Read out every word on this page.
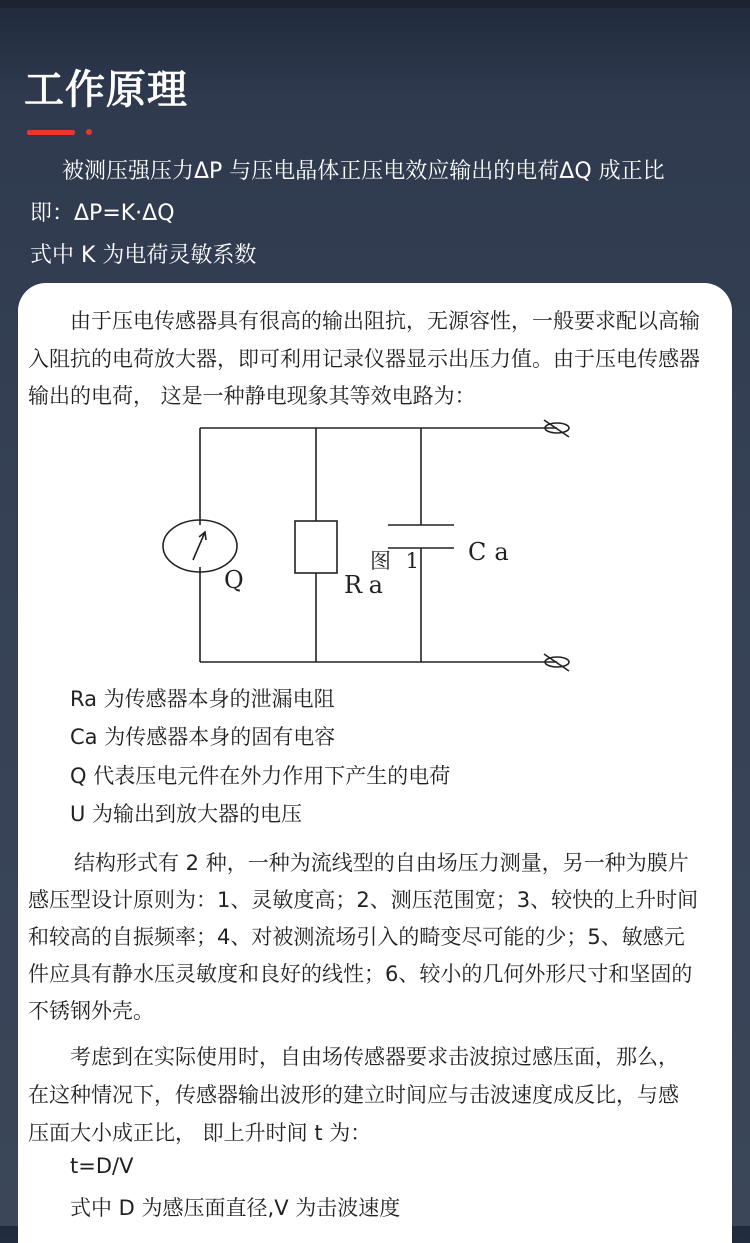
工作原理
被测压强压力ΔP 与压电晶体正压电效应输出的电荷ΔQ 成正比
即：ΔP=K·ΔQ
式中 K 为电荷灵敏系数
由于压电传感器具有很高的输出阻抗，无源容性，一般要求配以高输
入阻抗的电荷放大器，即可利用记录仪器显示出压力值。由于压电传感器
输出的电荷， 这是一种静电现象其等效电路为：
Q	Ra
图 1 Ca
Ra 为传感器本身的泄漏电阻
Ca 为传感器本身的固有电容
Q 代表压电元件在外力作用下产生的电荷
U 为输出到放大器的电压
结构形式有 2 种，一种为流线型的自由场压力测量，另一种为膜片
感压型设计原则为：1、灵敏度高；2、测压范围宽；3、较快的上升时间
和较高的自振频率；4、对被测流场引入的畸变尽可能的少；5、敏感元
件应具有静水压灵敏度和良好的线性；6、较小的几何外形尺寸和坚固的
不锈钢外壳。
考虑到在实际使用时，自由场传感器要求击波掠过感压面，那么，
在这种情况下，传感器输出波形的建立时间应与击波速度成反比，与感
压面大小成正比， 即上升时间 t 为：
t=D/V
式中 D 为感压面直径,V 为击波速度
